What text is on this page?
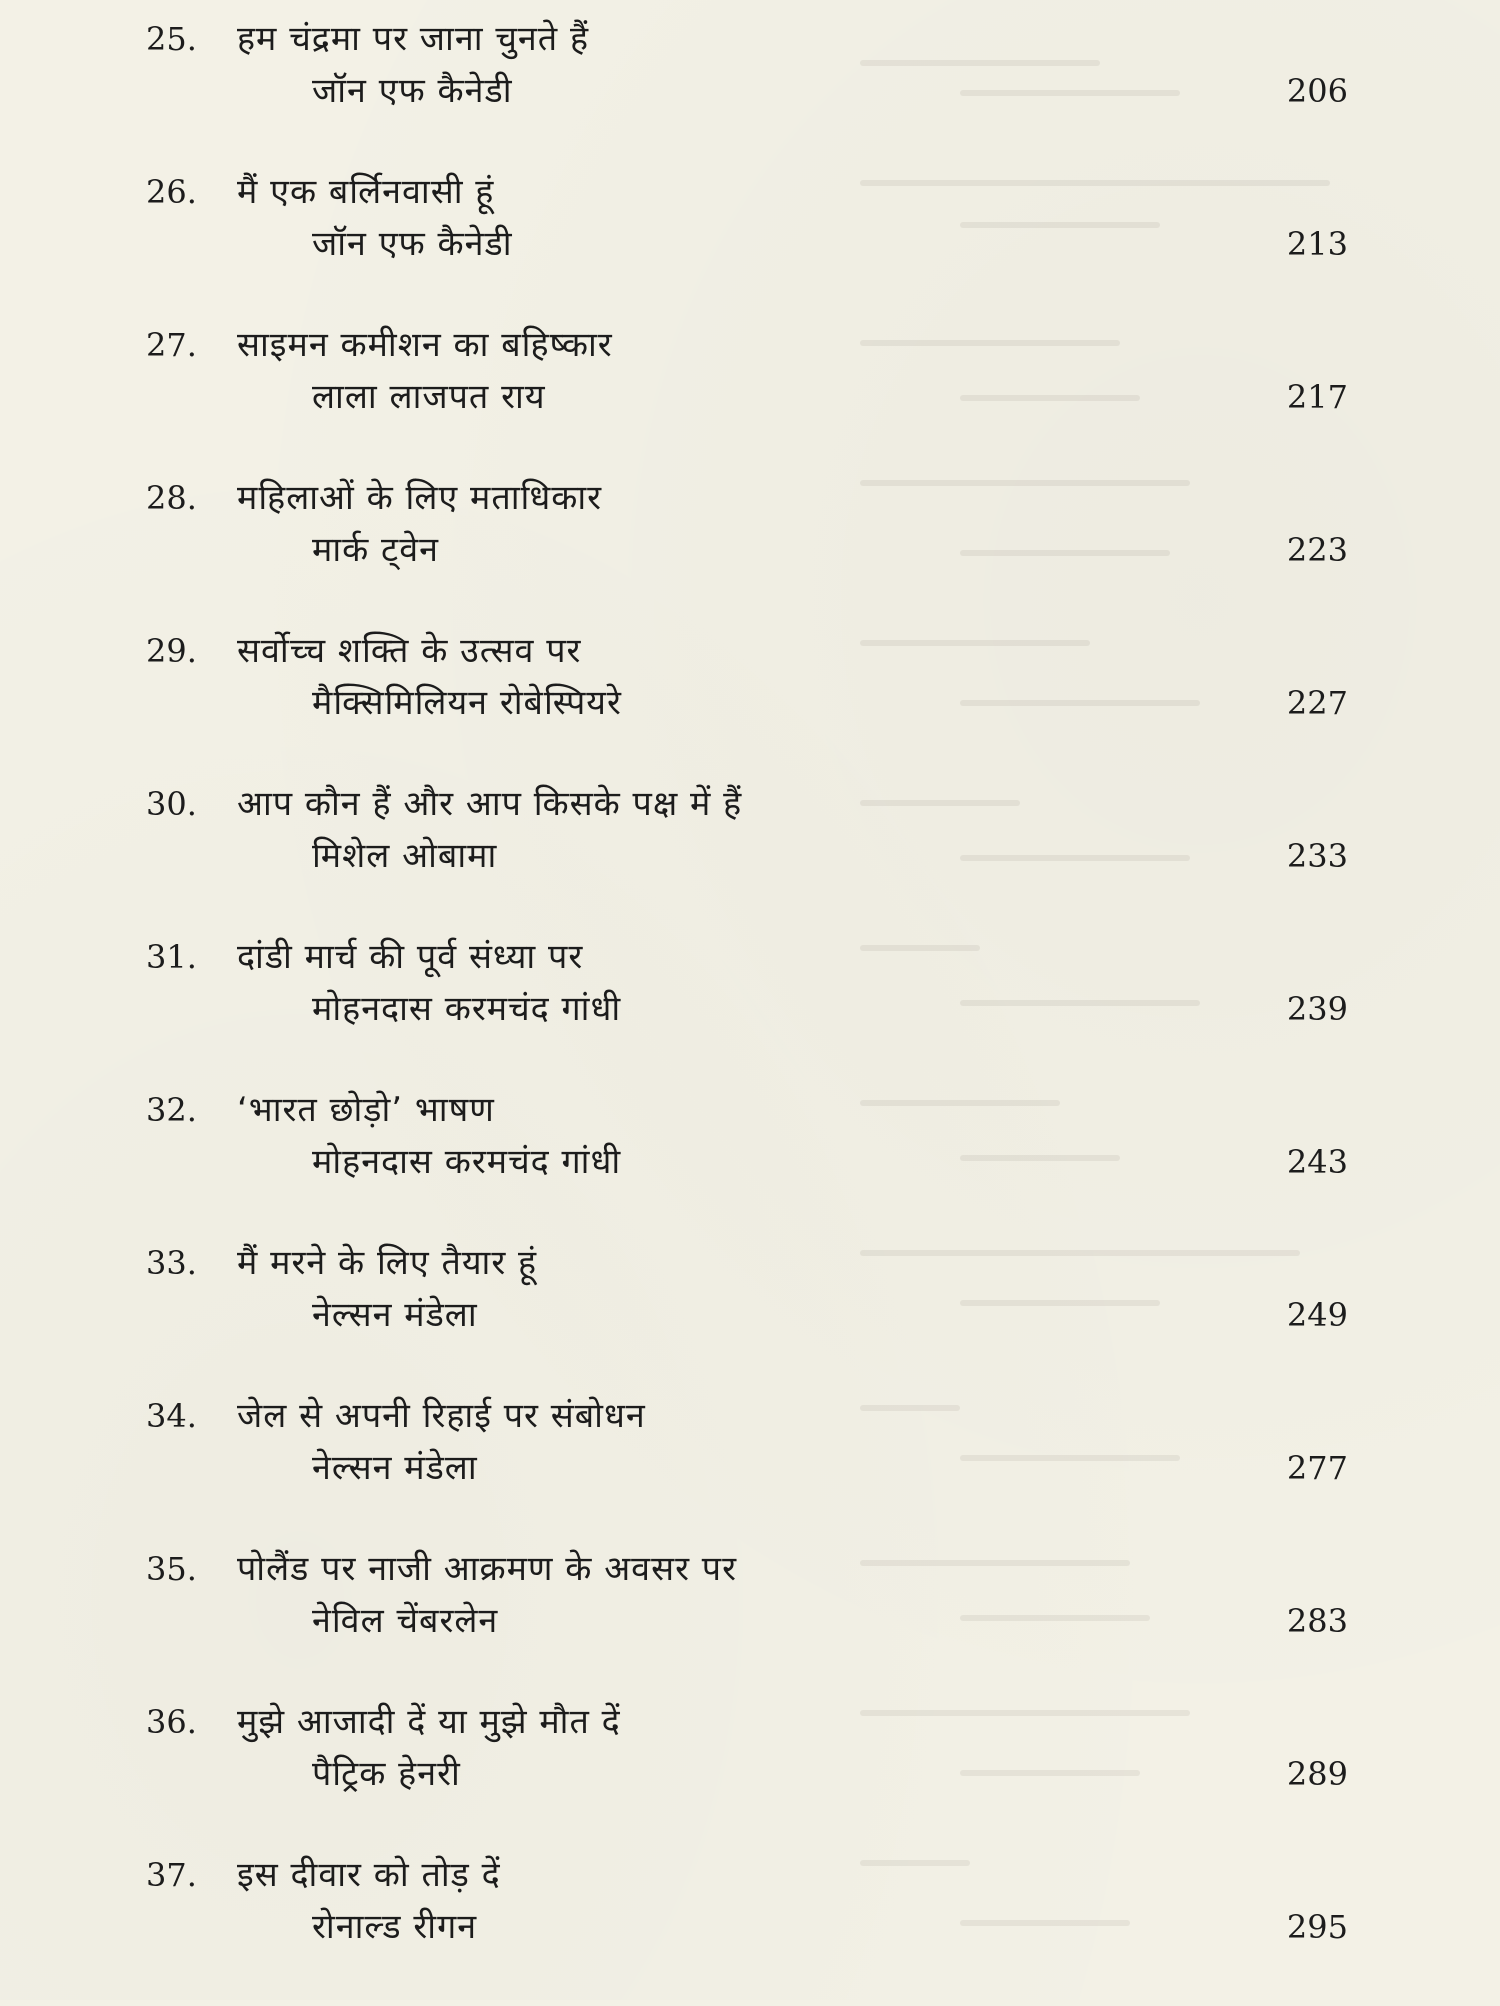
25. हम चंद्रमा पर जाना चुनते हैं
जॉन एफ कैनेडी	206
26. मैं एक बर्लिनवासी हूं
जॉन एफ कैनेडी	213
27. साइमन कमीशन का बहिष्कार
लाला लाजपत राय	217
28. महिलाओं के लिए मताधिकार
मार्क ट्वेन	223
29. सर्वोच्च शक्ति के उत्सव पर
मैक्सिमिलियन रोबेस्पियरे	227
30. आप कौन हैं और आप किसके पक्ष में हैं
मिशेल ओबामा	233
31. दांडी मार्च की पूर्व संध्या पर
मोहनदास करमचंद गांधी	239
32. ‘भारत छोड़ो’ भाषण
मोहनदास करमचंद गांधी	243
33. मैं मरने के लिए तैयार हूं
नेल्सन मंडेला	249
34. जेल से अपनी रिहाई पर संबोधन
नेल्सन मंडेला	277
35. पोलैंड पर नाजी आक्रमण के अवसर पर
नेविल चेंबरलेन	283
36. मुझे आजादी दें या मुझे मौत दें
पैट्रिक हेनरी	289
37. इस दीवार को तोड़ दें
रोनाल्ड रीगन	295
